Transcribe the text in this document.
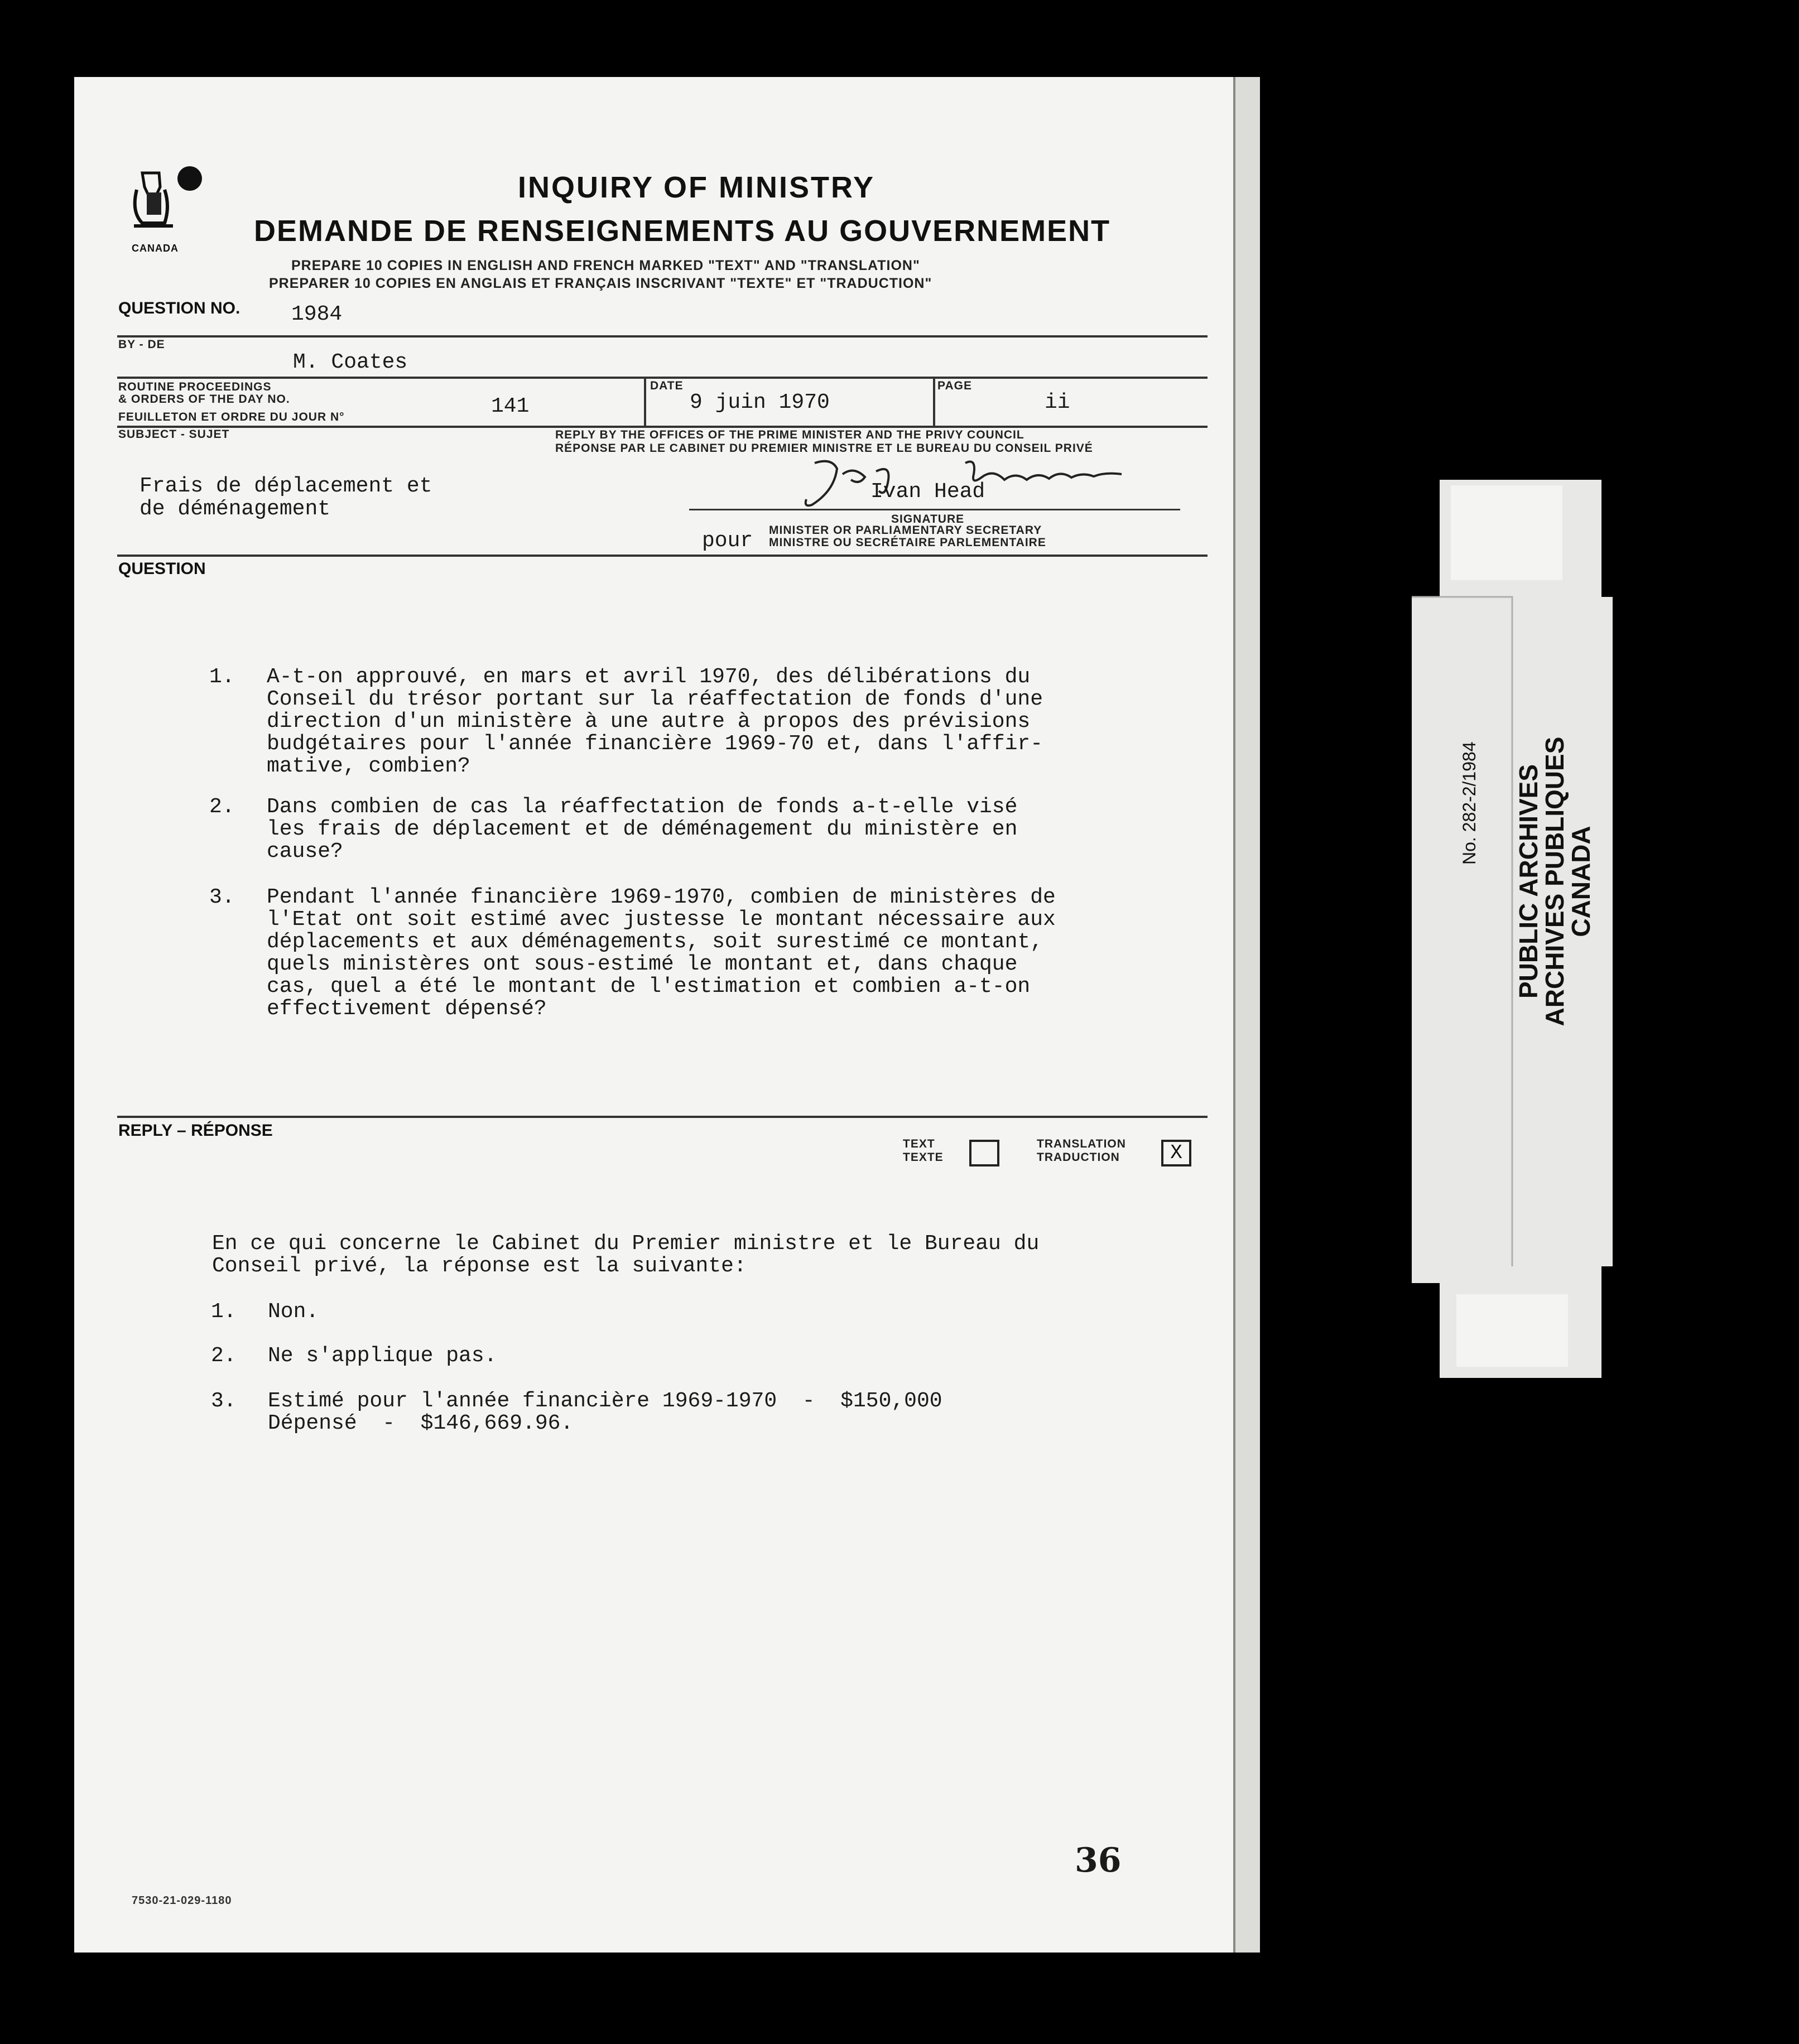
CANADA
INQUIRY OF MINISTRY
DEMANDE DE RENSEIGNEMENTS AU GOUVERNEMENT
PREPARE 10 COPIES IN ENGLISH AND FRENCH MARKED "TEXT" AND "TRANSLATION"
PREPARER 10 COPIES EN ANGLAIS ET FRANÇAIS INSCRIVANT "TEXTE" ET "TRADUCTION"
QUESTION NO. 1984
BY - DE
M. Coates
ROUTINE PROCEEDINGS
& ORDERS OF THE DAY NO.
FEUILLETON ET ORDRE DU JOUR N°	141
DATE
9 juin 1970
PAGE
ii
SUBJECT - SUJET
Frais de déplacement et
de déménagement
REPLY BY THE OFFICES OF THE PRIME MINISTER AND THE PRIVY COUNCIL
RÉPONSE PAR LE CABINET DU PREMIER MINISTRE ET LE BUREAU DU CONSEIL PRIVÉ
Ivan Head
SIGNATURE
pour MINISTER OR PARLIAMENTARY SECRETARY
MINISTRE OU SECRÉTAIRE PARLEMENTAIRE
QUESTION
1. A-t-on approuvé, en mars et avril 1970, des délibérations du
Conseil du trésor portant sur la réaffectation de fonds d'une
direction d'un ministère à une autre à propos des prévisions
budgétaires pour l'année financière 1969-70 et, dans l'affir-
mative, combien?
2. Dans combien de cas la réaffectation de fonds a-t-elle visé
les frais de déplacement et de déménagement du ministère en
cause?
3. Pendant l'année financière 1969-1970, combien de ministères de
l'Etat ont soit estimé avec justesse le montant nécessaire aux
déplacements et aux déménagements, soit surestimé ce montant,
quels ministères ont sous-estimé le montant et, dans chaque
cas, quel a été le montant de l'estimation et combien a-t-on
effectivement dépensé?
REPLY – RÉPONSE
TEXT
TEXTE
TRANSLATION
TRADUCTION	X
En ce qui concerne le Cabinet du Premier ministre et le Bureau du
Conseil privé, la réponse est la suivante:
1. Non.
2. Ne s'applique pas.
3. Estimé pour l'année financière 1969-1970  -  $150,000
Dépensé  -  $146,669.96.
36
7530-21-029-1180
No. 282-2/1984 PUBLIC ARCHIVES
ARCHIVES PUBLIQUES
CANADA
